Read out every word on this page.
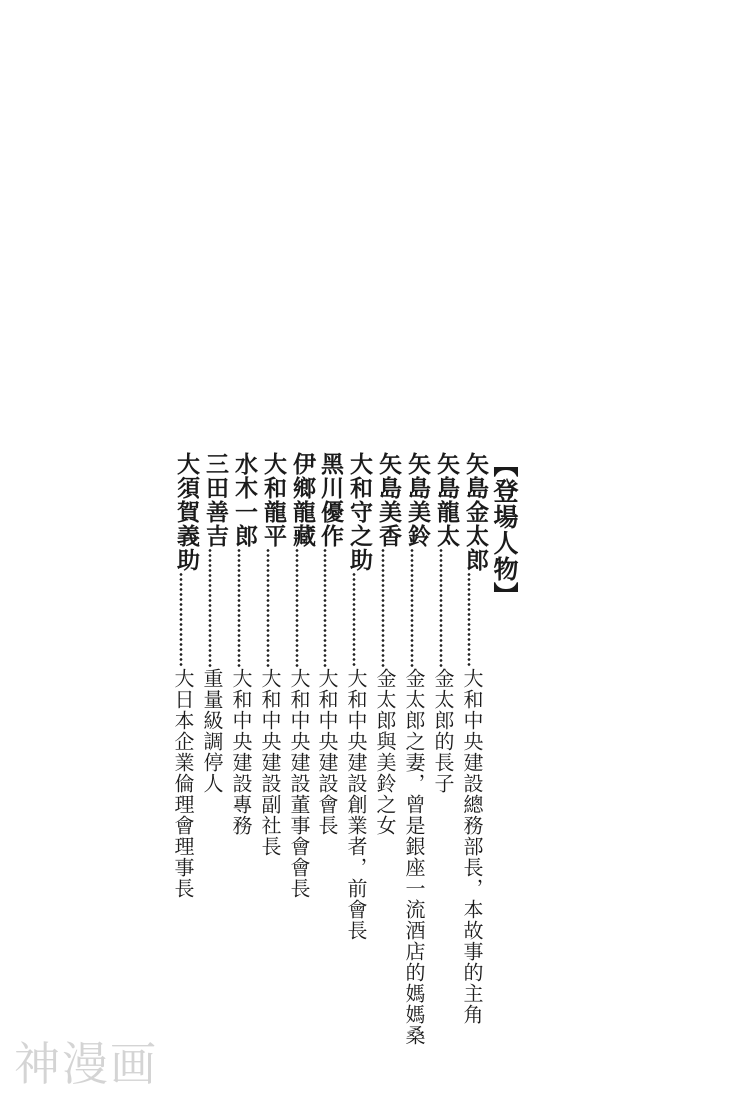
【登場人物】
矢島金太郎
大和中央建設總務部長，本故事的主角
矢島龍太
金太郎的長子
矢島美鈴
金太郎之妻，曾是銀座一流酒店的媽媽桑
矢島美香
金太郎與美鈴之女
大和守之助
大和中央建設創業者，前會長
黑川優作
大和中央建設會長
伊鄉龍藏
大和中央建設董事會會長
大和龍平
大和中央建設副社長
水木一郎
大和中央建設專務
三田善吉
重量級調停人
大須賀義助
大日本企業倫理會理事長
神漫画
